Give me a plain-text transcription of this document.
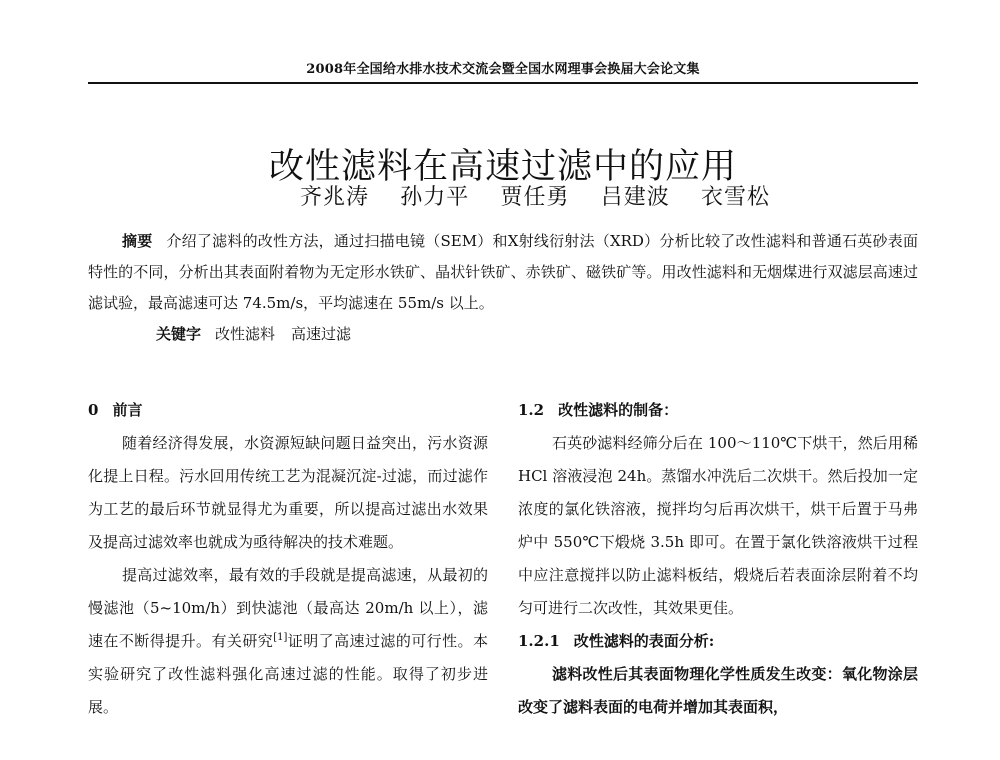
2008年全国给水排水技术交流会暨全国水网理事会换届大会论文集
改性滤料在高速过滤中的应用
齐兆涛 孙力平 贾任勇 吕建波 衣雪松

摘要 介绍了滤料的改性方法，通过扫描电镜（SEM）和X射线衍射法（XRD）分析比较了改性滤料和普通石英砂表面特性的不同，分析出其表面附着物为无定形水铁矿、晶状针铁矿、赤铁矿、磁铁矿等。用改性滤料和无烟煤进行双滤层高速过滤试验，最高滤速可达 74.5m/s，平均滤速在 55m/s 以上。

关键字 改性滤料 高速过滤

0 前言

随着经济得发展，水资源短缺问题日益突出，污水资源化提上日程。污水回用传统工艺为混凝沉淀-过滤，而过滤作为工艺的最后环节就显得尤为重要，所以提高过滤出水效果及提高过滤效率也就成为亟待解决的技术难题。

提高过滤效率，最有效的手段就是提高滤速，从最初的慢滤池（5~10m/h）到快滤池（最高达 20m/h 以上），滤速在不断得提升。有关研究[1]证明了高速过滤的可行性。本实验研究了改性滤料强化高速过滤的性能。取得了初步进展。

1.2 改性滤料的制备：

石英砂滤料经筛分后在 100～110℃下烘干，然后用稀 HCl 溶液浸泡 24h。蒸馏水冲洗后二次烘干。然后投加一定浓度的氯化铁溶液，搅拌均匀后再次烘干，烘干后置于马弗炉中 550℃下煅烧 3.5h 即可。在置于氯化铁溶液烘干过程中应注意搅拌以防止滤料板结，煅烧后若表面涂层附着不均匀可进行二次改性，其效果更佳。

1.2.1 改性滤料的表面分析:

滤料改性后其表面物理化学性质发生改变：氧化物涂层改变了滤料表面的电荷并增加其表面积，
